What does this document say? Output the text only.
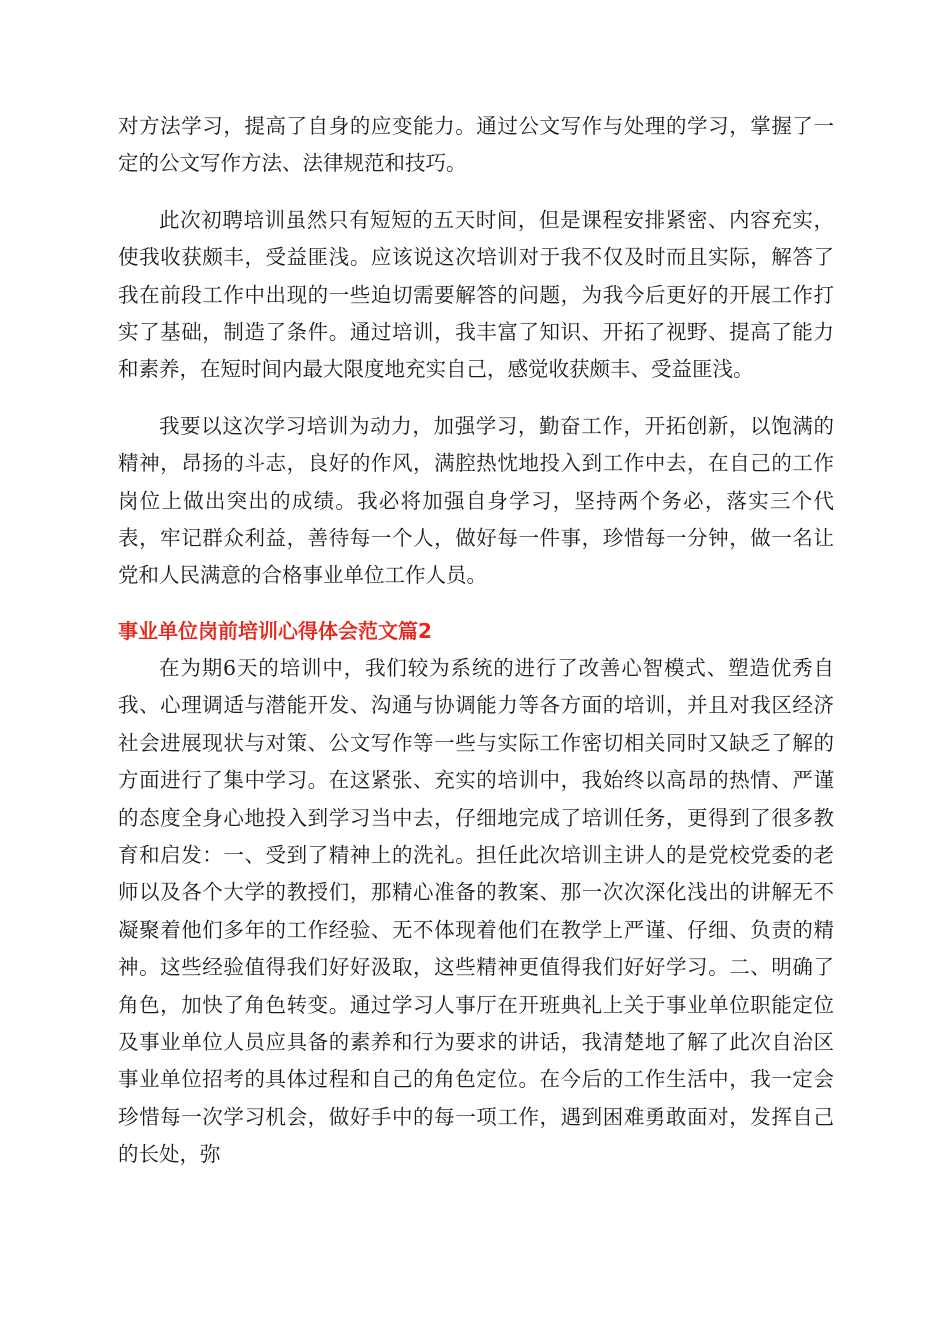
对方法学习，提高了自身的应变能力。通过公文写作与处理的学习，掌握了一定的公文写作方法、法律规范和技巧。

此次初聘培训虽然只有短短的五天时间，但是课程安排紧密、内容充实，使我收获颇丰，受益匪浅。应该说这次培训对于我不仅及时而且实际，解答了我在前段工作中出现的一些迫切需要解答的问题，为我今后更好的开展工作打实了基础，制造了条件。通过培训，我丰富了知识、开拓了视野、提高了能力和素养，在短时间内最大限度地充实自己，感觉收获颇丰、受益匪浅。

我要以这次学习培训为动力，加强学习，勤奋工作，开拓创新，以饱满的精神，昂扬的斗志，良好的作风，满腔热忱地投入到工作中去，在自己的工作岗位上做出突出的成绩。我必将加强自身学习，坚持两个务必，落实三个代表，牢记群众利益，善待每一个人，做好每一件事，珍惜每一分钟，做一名让党和人民满意的合格事业单位工作人员。

事业单位岗前培训心得体会范文篇2

在为期6天的培训中，我们较为系统的进行了改善心智模式、塑造优秀自我、心理调适与潜能开发、沟通与协调能力等各方面的培训，并且对我区经济社会进展现状与对策、公文写作等一些与实际工作密切相关同时又缺乏了解的方面进行了集中学习。在这紧张、充实的培训中，我始终以高昂的热情、严谨的态度全身心地投入到学习当中去，仔细地完成了培训任务，更得到了很多教育和启发：一、受到了精神上的洗礼。担任此次培训主讲人的是党校党委的老师以及各个大学的教授们，那精心准备的教案、那一次次深化浅出的讲解无不凝聚着他们多年的工作经验、无不体现着他们在教学上严谨、仔细、负责的精神。这些经验值得我们好好汲取，这些精神更值得我们好好学习。二、明确了角色，加快了角色转变。通过学习人事厅在开班典礼上关于事业单位职能定位及事业单位人员应具备的素养和行为要求的讲话，我清楚地了解了此次自治区事业单位招考的具体过程和自己的角色定位。在今后的工作生活中，我一定会珍惜每一次学习机会，做好手中的每一项工作，遇到困难勇敢面对，发挥自己的长处，弥
